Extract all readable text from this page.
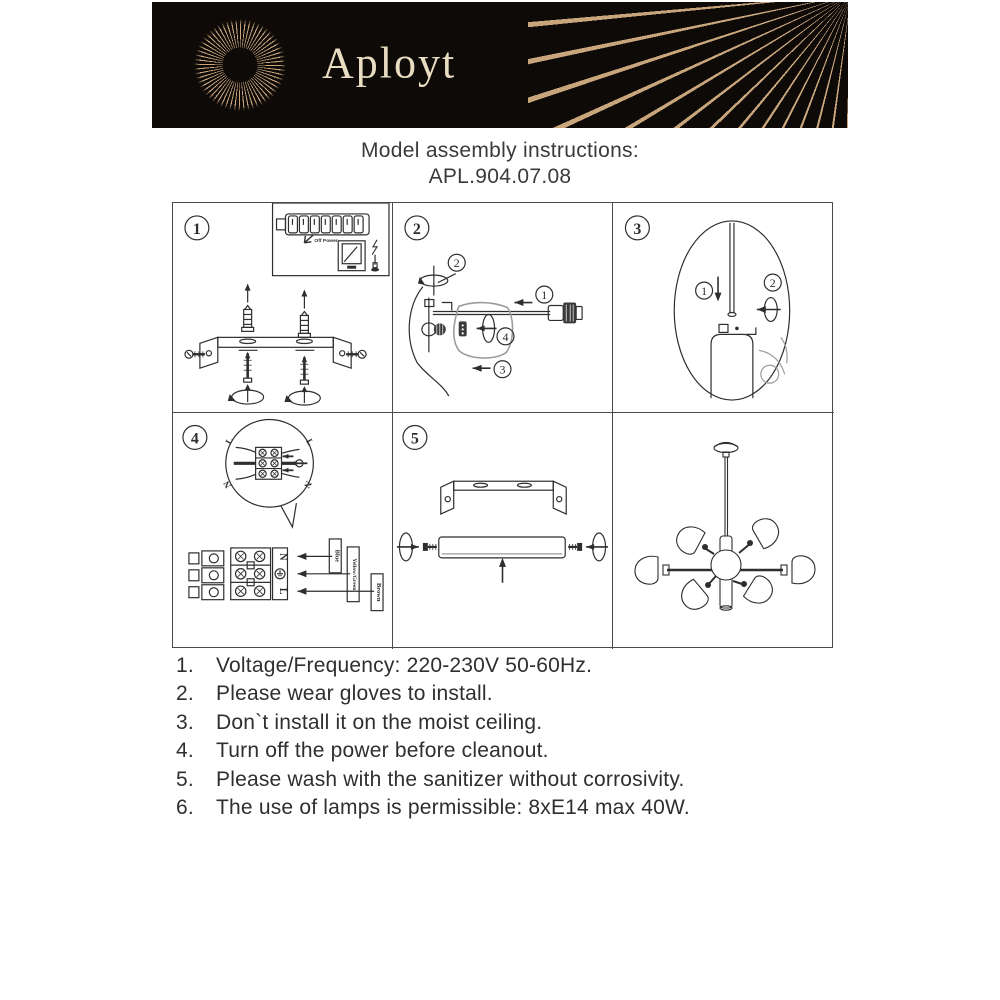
Aployt
Model assembly instructions:
APL.904.07.08
1
Off Power
2
2
1
4
3
3
1
2
4	L
N
L
N
N
L
Blue
Yellow/Green
Brown
5
1.	Voltage/Frequency: 220-230V 50-60Hz.
2.	Please wear gloves to install.
3.	Don`t install it on the moist ceiling.
4.	Turn off the power before cleanout.
5.	Please wash with the sanitizer without corrosivity.
6.	The use of lamps is permissible: 8xE14 max 40W.
